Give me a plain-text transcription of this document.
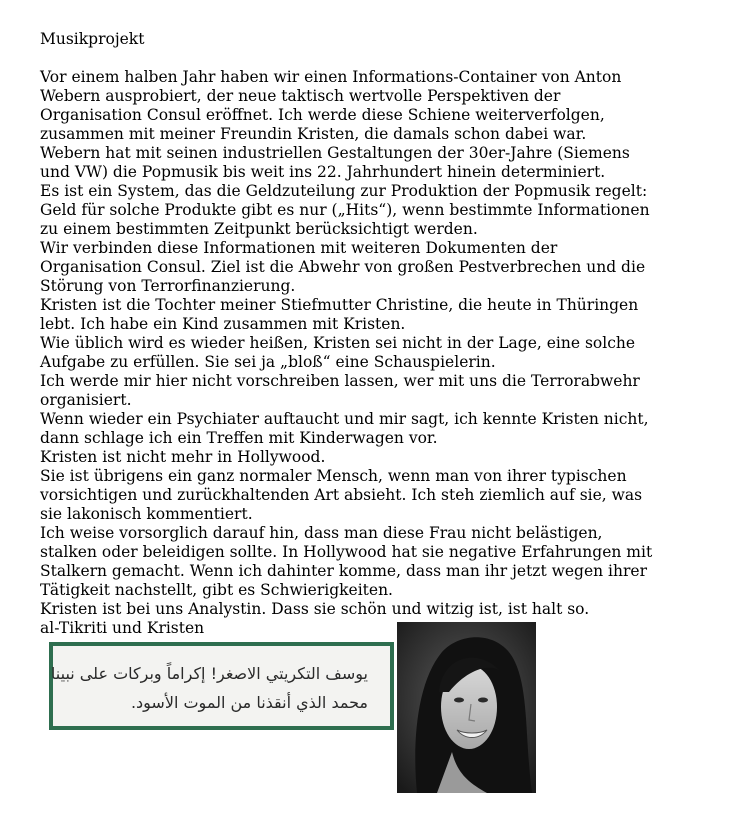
Musikprojekt

Vor einem halben Jahr haben wir einen Informations-Container von Anton

Webern ausprobiert, der neue taktisch wertvolle Perspektiven der

Organisation Consul eröffnet. Ich werde diese Schiene weiterverfolgen,

zusammen mit meiner Freundin Kristen, die damals schon dabei war.

Webern hat mit seinen industriellen Gestaltungen der 30er-Jahre (Siemens

und VW) die Popmusik bis weit ins 22. Jahrhundert hinein determiniert.

Es ist ein System, das die Geldzuteilung zur Produktion der Popmusik regelt:

Geld für solche Produkte gibt es nur („Hits“), wenn bestimmte Informationen

zu einem bestimmten Zeitpunkt berücksichtigt werden.

Wir verbinden diese Informationen mit weiteren Dokumenten der

Organisation Consul. Ziel ist die Abwehr von großen Pestverbrechen und die

Störung von Terrorfinanzierung.

Kristen ist die Tochter meiner Stiefmutter Christine, die heute in Thüringen

lebt. Ich habe ein Kind zusammen mit Kristen.

Wie üblich wird es wieder heißen, Kristen sei nicht in der Lage, eine solche

Aufgabe zu erfüllen. Sie sei ja „bloß“ eine Schauspielerin.

Ich werde mir hier nicht vorschreiben lassen, wer mit uns die Terrorabwehr

organisiert.

Wenn wieder ein Psychiater auftaucht und mir sagt, ich kennte Kristen nicht,

dann schlage ich ein Treffen mit Kinderwagen vor.

Kristen ist nicht mehr in Hollywood.

Sie ist übrigens ein ganz normaler Mensch, wenn man von ihrer typischen

vorsichtigen und zurückhaltenden Art absieht. Ich steh ziemlich auf sie, was

sie lakonisch kommentiert.

Ich weise vorsorglich darauf hin, dass man diese Frau nicht belästigen,

stalken oder beleidigen sollte. In Hollywood hat sie negative Erfahrungen mit

Stalkern gemacht. Wenn ich dahinter komme, dass man ihr jetzt wegen ihrer

Tätigkeit nachstellt, gibt es Schwierigkeiten.

Kristen ist bei uns Analystin. Dass sie schön und witzig ist, ist halt so.

al-Tikriti und Kristen

يوسف التكريتي الاصغر! إكراماً وبركات على نبينا
محمد الذي أنقذنا من الموت الأسود.
